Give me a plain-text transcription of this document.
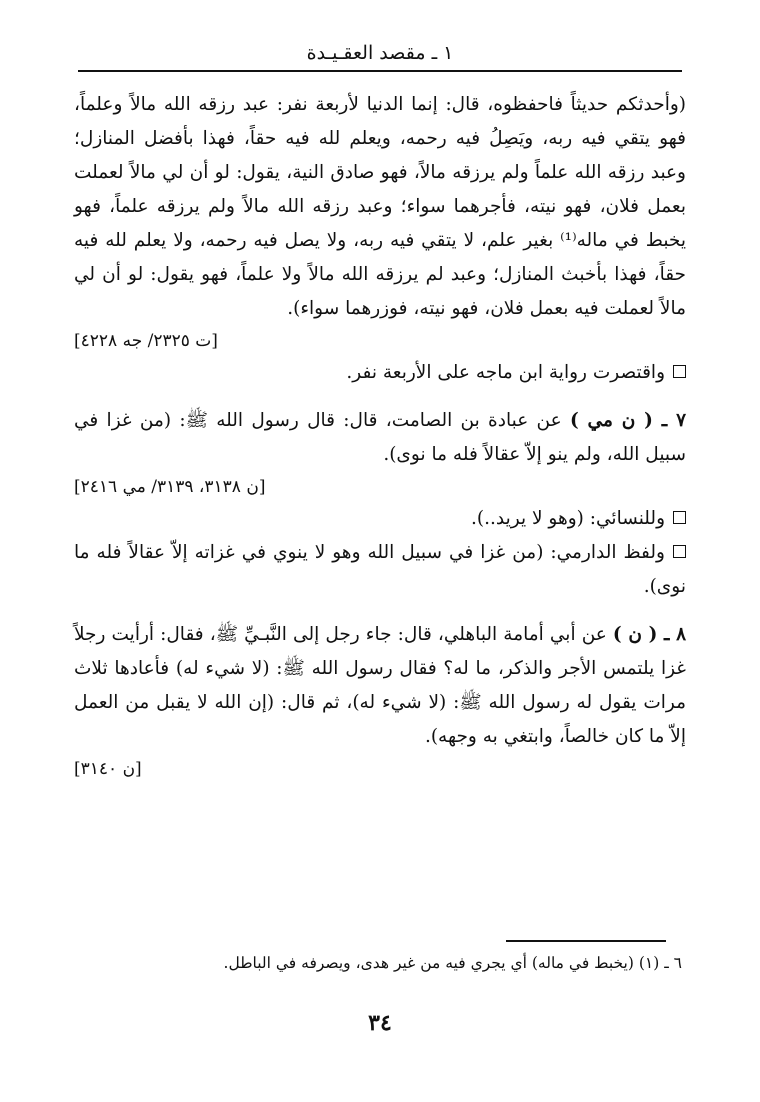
١ ـ مقصد العقـيـدة

(وأحدثكم حديثاً فاحفظوه، قال: إنما الدنيا لأربعة نفر: عبد رزقه الله مالاً وعلماً، فهو يتقي فيه ربه، ويَصِلُ فيه رحمه، ويعلم لله فيه حقاً، فهذا بأفضل المنازل؛ وعبد رزقه الله علماً ولم يرزقه مالاً، فهو صادق النية، يقول: لو أن لي مالاً لعملت بعمل فلان، فهو نيته، فأجرهما سواء؛ وعبد رزقه الله مالاً ولم يرزقه علماً، فهو يخبط في ماله⁽¹⁾ بغير علم، لا يتقي فيه ربه، ولا يصل فيه رحمه، ولا يعلم لله فيه حقاً، فهذا بأخبث المنازل؛ وعبد لم يرزقه الله مالاً ولا علماً، فهو يقول: لو أن لي مالاً لعملت فيه بعمل فلان، فهو نيته، فوزرهما سواء).

[ت ٢٣٢٥/ جه ٤٢٢٨]

واقتصرت رواية ابن ماجه على الأربعة نفر.

٧ ـ ( ن مي ) عن عبادة بن الصامت، قال: قال رسول الله ﷺ: (من غزا في سبيل الله، ولم ينو إلاّ عقالاً فله ما نوى).

[ن ٣١٣٨، ٣١٣٩/ مي ٢٤١٦]

وللنسائي: (وهو لا يريد..).

ولفظ الدارمي: (من غزا في سبيل الله وهو لا ينوي في غزاته إلاّ عقالاً فله ما نوى).

٨ ـ ( ن ) عن أبي أمامة الباهلي، قال: جاء رجل إلى النَّبـيِّ ﷺ، فقال: أرأيت رجلاً غزا يلتمس الأجر والذكر، ما له؟ فقال رسول الله ﷺ: (لا شيء له) فأعادها ثلاث مرات يقول له رسول الله ﷺ: (لا شيء له)، ثم قال: (إن الله لا يقبل من العمل إلاّ ما كان خالصاً، وابتغي به وجهه).

[ن ٣١٤٠]

٦ ـ (١) (يخبط في ماله) أي يجري فيه من غير هدى، ويصرفه في الباطل.
٣٤
